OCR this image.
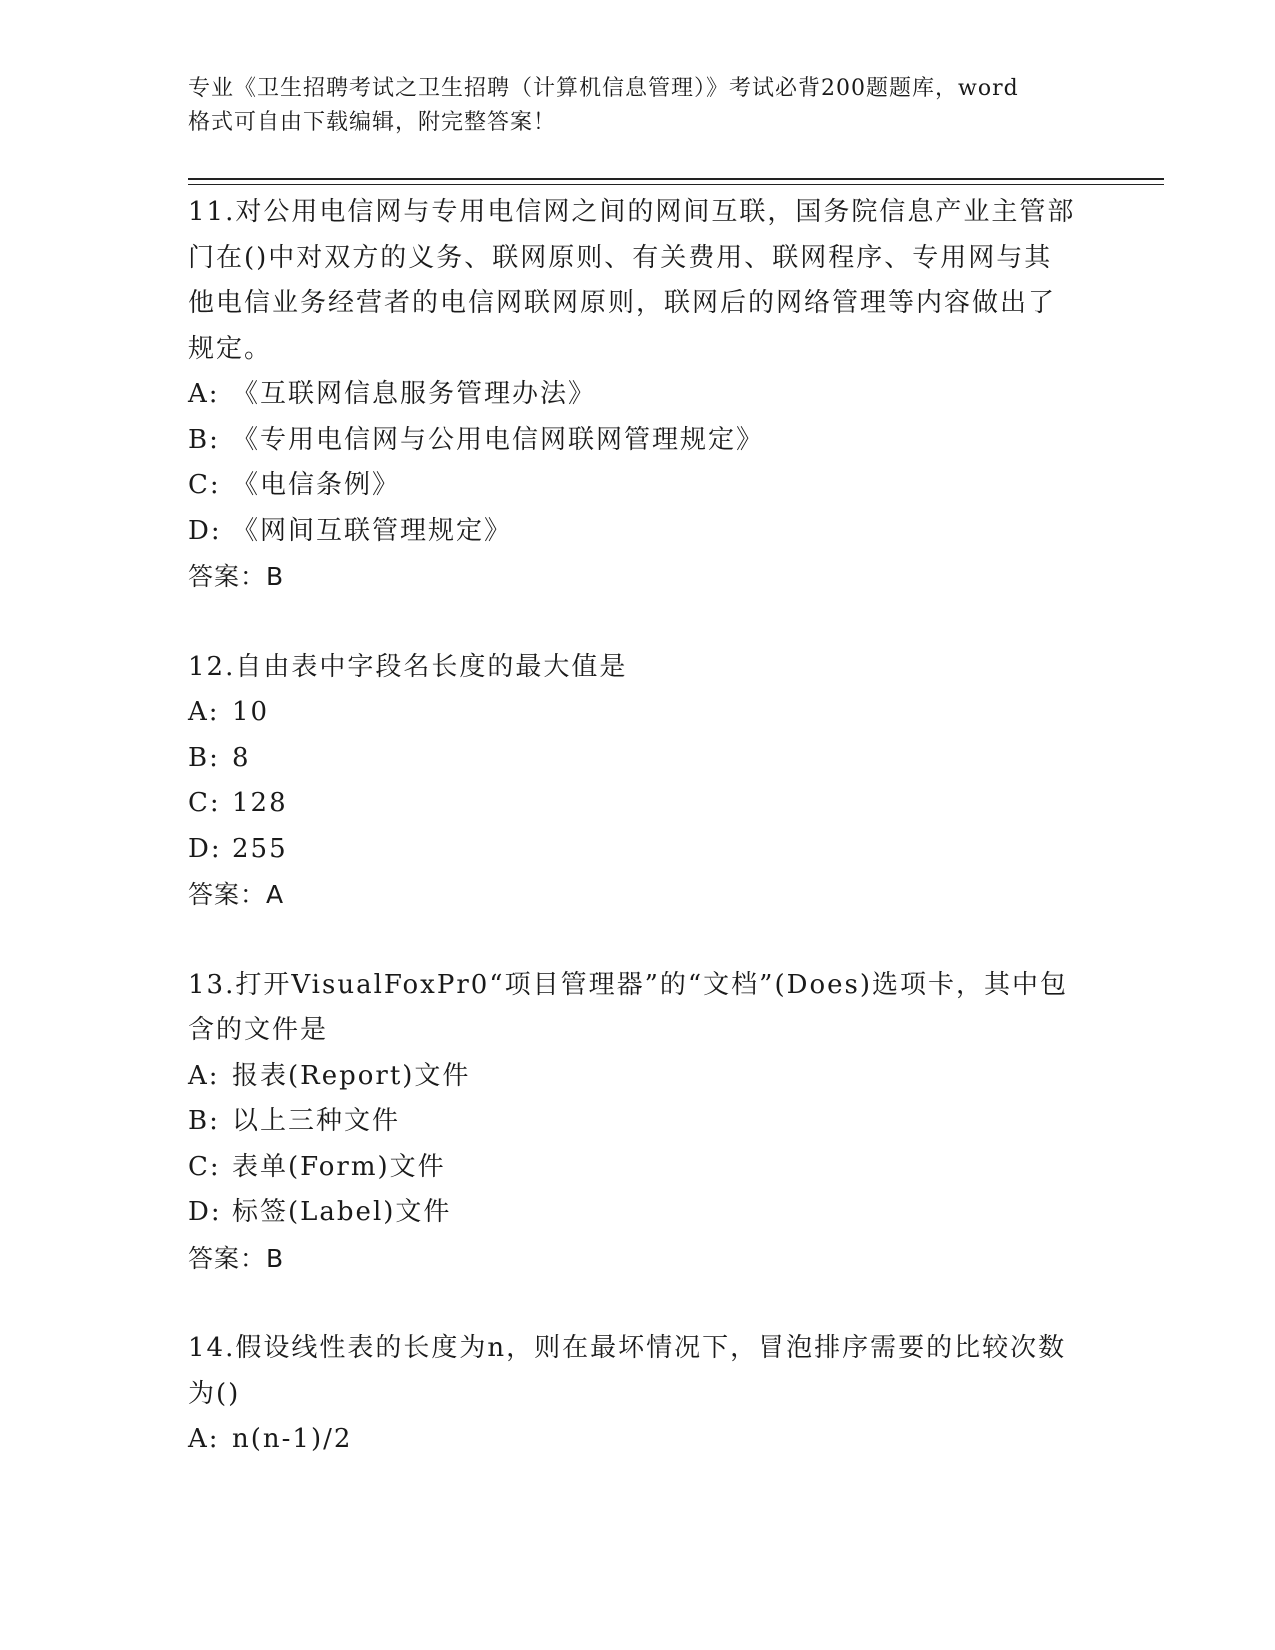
专业《卫生招聘考试之卫生招聘（计算机信息管理）》考试必背200题题库，word
格式可自由下载编辑，附完整答案！
11.对公用电信网与专用电信网之间的网间互联，国务院信息产业主管部门在()中对双方的义务、联网原则、有关费用、联网程序、专用网与其他电信业务经营者的电信网联网原则，联网后的网络管理等内容做出了规定。
A: 《互联网信息服务管理办法》
B: 《专用电信网与公用电信网联网管理规定》
C: 《电信条例》
D: 《网间互联管理规定》
答案：B
12.自由表中字段名长度的最大值是
A: 10
B: 8
C: 128
D: 255
答案：A
13.打开VisualFoxPr0“项目管理器”的“文档”(Does)选项卡，其中包含的文件是
A: 报表(Report)文件
B: 以上三种文件
C: 表单(Form)文件
D: 标签(Label)文件
答案：B
14.假设线性表的长度为n，则在最坏情况下，冒泡排序需要的比较次数为()
A: n(n-1)/2
